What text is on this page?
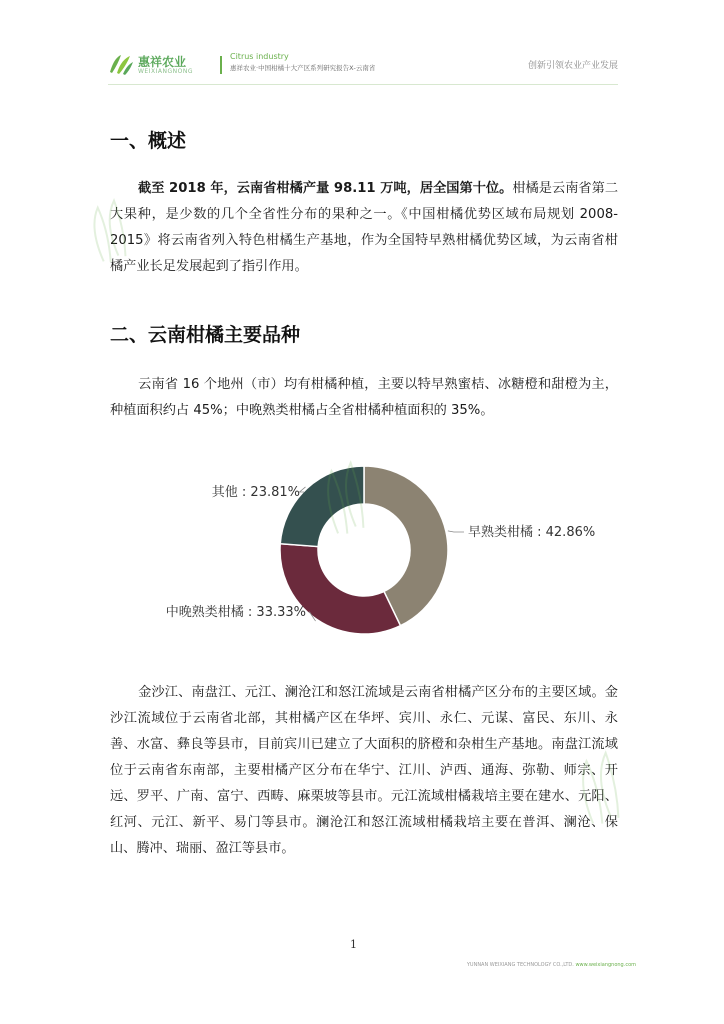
惠祥农业
WEIXIANGNONG
Citrus industry
惠祥农业·中国柑橘十大产区系列研究报告Ⅹ-云南省	创新引领农业产业发展
一、概述

截至 2018 年，云南省柑橘产量 98.11 万吨，居全国第十位。柑橘是云南省第二大果种，是少数的几个全省性分布的果种之一。《中国柑橘优势区域布局规划 2008-2015》将云南省列入特色柑橘生产基地，作为全国特早熟柑橘优势区域，为云南省柑橘产业长足发展起到了指引作用。

二、云南柑橘主要品种

云南省 16 个地州（市）均有柑橘种植，主要以特早熟蜜桔、冰糖橙和甜橙为主，种植面积约占 45%；中晚熟类柑橘占全省柑橘种植面积的 35%。

早熟类柑橘 : 42.86%
中晚熟类柑橘 : 33.33%
其他 : 23.81%

金沙江、南盘江、元江、澜沧江和怒江流域是云南省柑橘产区分布的主要区域。金沙江流域位于云南省北部，其柑橘产区在华坪、宾川、永仁、元谋、富民、东川、永善、水富、彝良等县市，目前宾川已建立了大面积的脐橙和杂柑生产基地。南盘江流域位于云南省东南部，主要柑橘产区分布在华宁、江川、泸西、通海、弥勒、师宗、开远、罗平、广南、富宁、西畴、麻栗坡等县市。元江流域柑橘栽培主要在建水、元阳、红河、元江、新平、易门等县市。澜沧江和怒江流域柑橘栽培主要在普洱、澜沧、保山、腾冲、瑞丽、盈江等县市。

1
YUNNAN WEIXIANG TECHNOLOGY CO.,LTD. www.weixiangnong.com
